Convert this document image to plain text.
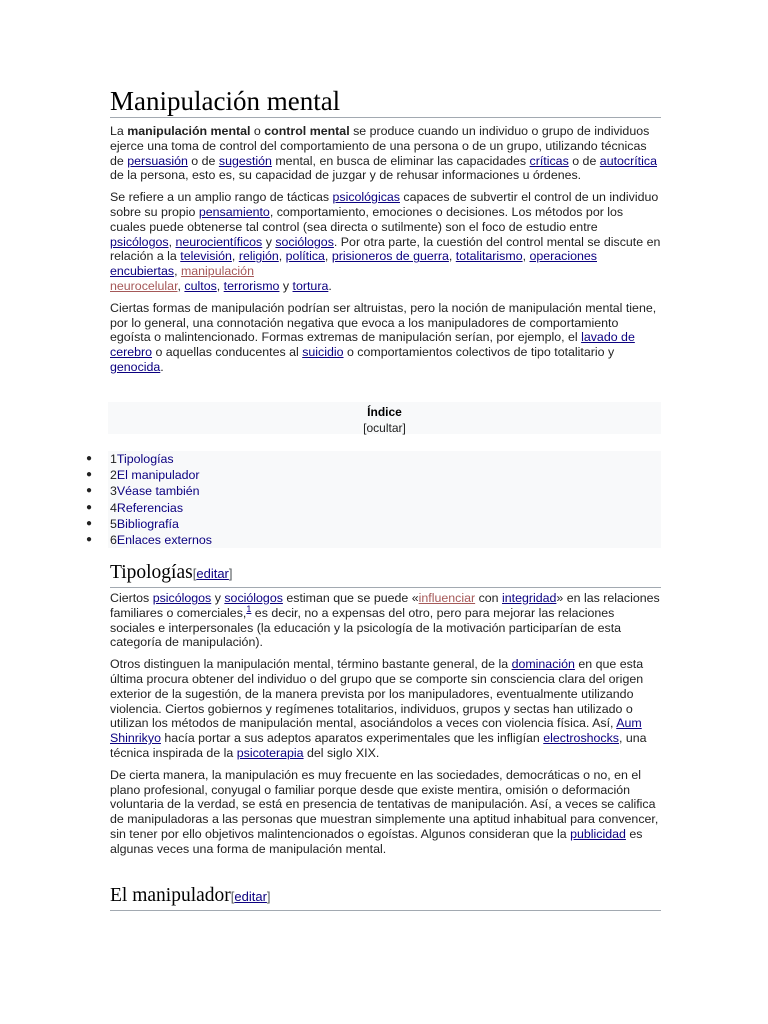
Manipulación mental

La manipulación mental o control mental se produce cuando un individuo o grupo de individuos ejerce una toma de control del comportamiento de una persona o de un grupo, utilizando técnicas de persuasión o de sugestión mental, en busca de eliminar las capacidades críticas o de autocrítica de la persona, esto es, su capacidad de juzgar y de rehusar informaciones u órdenes.

Se refiere a un amplio rango de tácticas psicológicas capaces de subvertir el control de un individuo sobre su propio pensamiento, comportamiento, emociones o decisiones. Los métodos por los cuales puede obtenerse tal control (sea directa o sutilmente) son el foco de estudio entre psicólogos, neurocientíficos y sociólogos. Por otra parte, la cuestión del control mental se discute en relación a la televisión, religión, política, prisioneros de guerra, totalitarismo, operaciones encubiertas, manipulación
neurocelular, cultos, terrorismo y tortura.

Ciertas formas de manipulación podrían ser altruistas, pero la noción de manipulación mental tiene, por lo general, una connotación negativa que evoca a los manipuladores de comportamiento egoísta o malintencionado. Formas extremas de manipulación serían, por ejemplo, el lavado de cerebro o aquellas conducentes al suicidio o comportamientos colectivos de tipo totalitario y genocida.

Índice
[ocultar]
● 1Tipologías
● 2El manipulador
● 3Véase también
● 4Referencias
● 5Bibliografía
● 6Enlaces externos
Tipologías[editar]

Ciertos psicólogos y sociólogos estiman que se puede «influenciar con integridad» en las relaciones familiares o comerciales,$^1$ es decir, no a expensas del otro, pero para mejorar las relaciones sociales e interpersonales (la educación y la psicología de la motivación participarían de esta categoría de manipulación).

Otros distinguen la manipulación mental, término bastante general, de la dominación en que esta última procura obtener del individuo o del grupo que se comporte sin consciencia clara del origen exterior de la sugestión, de la manera prevista por los manipuladores, eventualmente utilizando violencia. Ciertos gobiernos y regímenes totalitarios, individuos, grupos y sectas han utilizado o utilizan los métodos de manipulación mental, asociándolos a veces con violencia física. Así, Aum Shinrikyo hacía portar a sus adeptos aparatos experimentales que les infligían electroshocks, una técnica inspirada de la psicoterapia del siglo XIX.

De cierta manera, la manipulación es muy frecuente en las sociedades, democráticas o no, en el plano profesional, conyugal o familiar porque desde que existe mentira, omisión o deformación voluntaria de la verdad, se está en presencia de tentativas de manipulación. Así, a veces se califica de manipuladoras a las personas que muestran simplemente una aptitud inhabitual para convencer, sin tener por ello objetivos malintencionados o egoístas. Algunos consideran que la publicidad es algunas veces una forma de manipulación mental.

El manipulador[editar]
